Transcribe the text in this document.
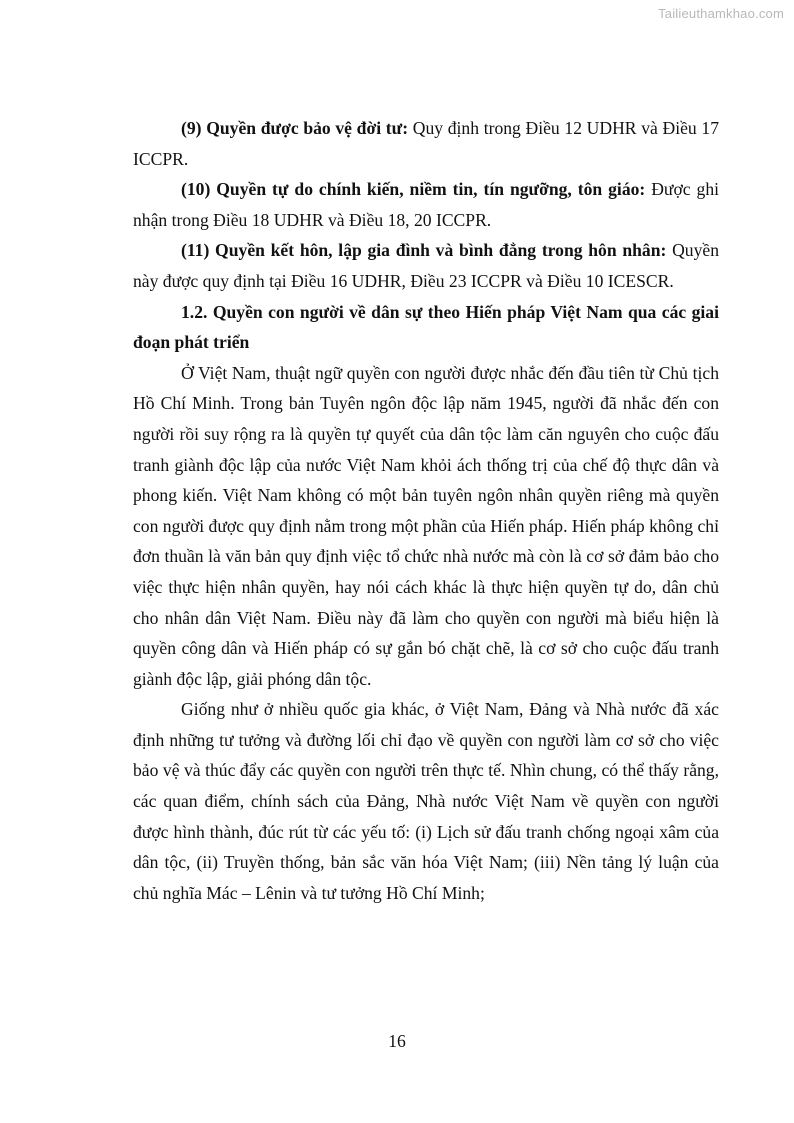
Tailieuthamkhao.com

(9) Quyền được bảo vệ đời tư: Quy định trong Điều 12 UDHR và Điều 17 ICCPR.

(10) Quyền tự do chính kiến, niềm tin, tín ngưỡng, tôn giáo: Được ghi nhận trong Điều 18 UDHR và Điều 18, 20 ICCPR.

(11) Quyền kết hôn, lập gia đình và bình đẳng trong hôn nhân: Quyền này được quy định tại Điều 16 UDHR, Điều 23 ICCPR và Điều 10 ICESCR.

1.2. Quyền con người về dân sự theo Hiến pháp Việt Nam qua các giai đoạn phát triển

Ở Việt Nam, thuật ngữ quyền con người được nhắc đến đầu tiên từ Chủ tịch Hồ Chí Minh. Trong bản Tuyên ngôn độc lập năm 1945, người đã nhắc đến con người rồi suy rộng ra là quyền tự quyết của dân tộc làm căn nguyên cho cuộc đấu tranh giành độc lập của nước Việt Nam khỏi ách thống trị của chế độ thực dân và phong kiến. Việt Nam không có một bản tuyên ngôn nhân quyền riêng mà quyền con người được quy định nằm trong một phần của Hiến pháp. Hiến pháp không chỉ đơn thuần là văn bản quy định việc tổ chức nhà nước mà còn là cơ sở đảm bảo cho việc thực hiện nhân quyền, hay nói cách khác là thực hiện quyền tự do, dân chủ cho nhân dân Việt Nam. Điều này đã làm cho quyền con người mà biểu hiện là quyền công dân và Hiến pháp có sự gắn bó chặt chẽ, là cơ sở cho cuộc đấu tranh giành độc lập, giải phóng dân tộc.

Giống như ở nhiều quốc gia khác, ở Việt Nam, Đảng và Nhà nước đã xác định những tư tưởng và đường lối chỉ đạo về quyền con người làm cơ sở cho việc bảo vệ và thúc đẩy các quyền con người trên thực tế. Nhìn chung, có thể thấy rằng, các quan điểm, chính sách của Đảng, Nhà nước Việt Nam về quyền con người được hình thành, đúc rút từ các yếu tố: (i) Lịch sử đấu tranh chống ngoại xâm của dân tộc, (ii) Truyền thống, bản sắc văn hóa Việt Nam; (iii) Nền tảng lý luận của chủ nghĩa Mác – Lênin và tư tưởng Hồ Chí Minh;

16
